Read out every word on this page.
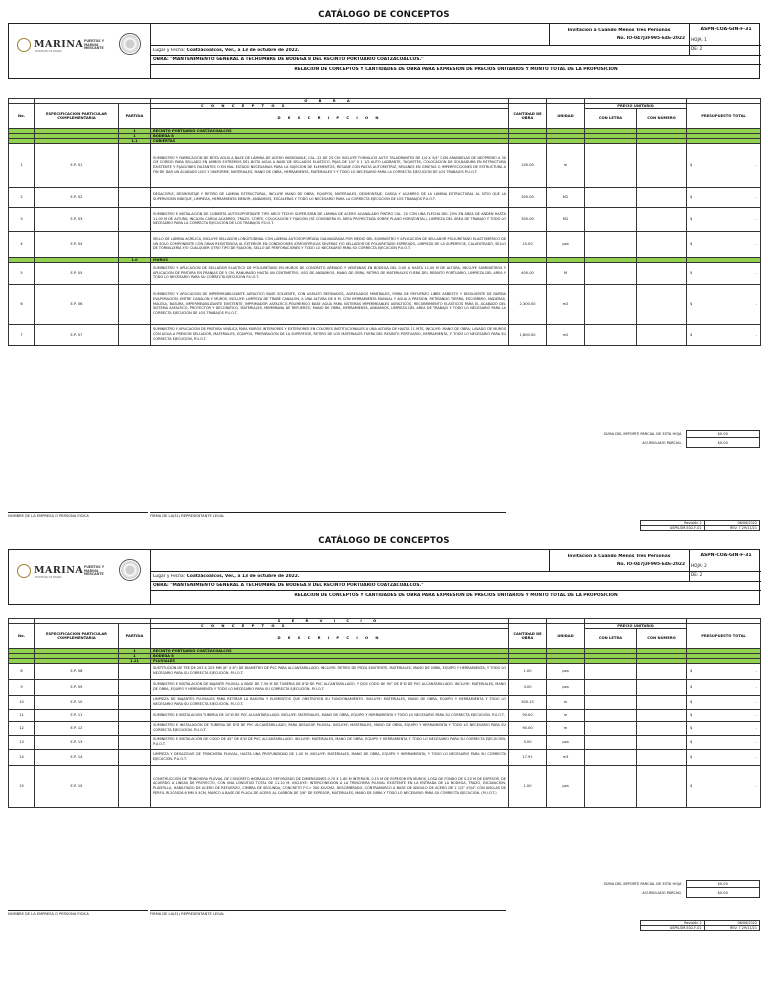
CATÁLOGO DE CONCEPTOS
MARINA
SECRETARÍA DE MARINA
PUERTOS Y MARINA MERCANTE
Invitación a Cuando Menos Tres Personas
No. IO-047J3F995-E46-2022
ASPN-COA-GIN-F-31
HOJA: 1
DE: 2
Lugar y Fecha: Coatzacoalcos, Ver., a 13 de octubre de 2022.
OBRA: "MANTENIMIENTO GENERAL A TECHUMBRE DE BODEGA 8 DEL RECINTO PORTUARIO COATZACOALCOS."
RELACION DE CONCEPTOS Y CANTIDADES DE OBRA PARA EXPRESION DE PRECIOS UNITARIOS Y MONTO TOTAL DE LA PROPOSICION

			O B R A					
No.	ESPECIFICACION PARTICULAR COMPLEMENTARIA	PARTIDA	C O N C E P T O S	CANTIDAD DE OBRA	UNIDAD	PRECIO UNITARIO		PRESUPUESTO TOTAL
			D E S C R I P C I O N			CON LETRA	CON NÚMERO	

		1	RECINTO PORTUARIO COATZACOALCOS					
		1	BODEGA 8					
		1.1	CUBIERTAS					
1	E.P. 01		SUMINISTRO Y FABRICACIÓN DE BOTA AGUA A BASE DE LÁMINA DE ACERO INOXIDABLE, CAL. 22 DE 25 CM. INCLUYE TORNILLOS AUTO TALADRANTES DE 1/4 X 3/4" CON ARANDELAS DE NEOPRENO A 30 CM CORIDO PARA SELLADO EN AMBOS EXTREMOS DEL BOTA AGUA A BASE DE SELLADOS ELÁSTICO, PIJAS DE 1/4" X 1 1/2 AUTO LADRANTE, TAQUETES, COLOCACIÓN DE SOLDADURA EN ESTRUCTURA EXISTENTE Y FIJACIONES FALTANTES O EN MAL ESTADO NECESARIAS PARA LA SUJECIÓN DE ELEMENTOS, RESANE CON PASTA AUTOMOTRIZ, RESANES EN GRIETAS O IMPERFECCIONES DE ESTRUCTURA A FIN DE DAR UN ACABADO LISO Y UNIFORME, MATERIALES, MANO DE OBRA, HERRAMIENTA, MATERIALES Y Y TODO LO NECESARIO PARA LA CORRECTA EJECUCION DE LOS TRABAJOS P.U.O.T.	140.00	m			$ -

2	E.P. 02		DESACOPLE, DESMONTAJE Y RETIRO DE LÁMINA ESTRUCTURAL, INCLUYE MANO DE OBRA, EQUIPOS, MATERIALES, DESMONTAJE, CARGA Y ACARREO DE LA LÁMINA ESTRUCTURAL AL SITIO QUE LA SUPERVISION INDIQUE, LIMPIEZA, HERRAMIENTA MENOR, ANDAMIOS, ESCALERAS Y TODO LO NECESARIO PARA LA CORRECTA EJECUCION DE LOS TRABAJOS P.U.O.T.	300.00	M2			$ -

3	E.P. 03		SUMINISTRO E INSTALACIÓN DE CUBIERTA AUTOSOPORTANTE TIPO ARCO TECHO SUPER-SPAN DE LÁMINA DE ACERO ACANALADO PINTRO CAL. 20 CON UNA FLECHA DEL 20% EN ÁREA DE ANDEN HASTA 11.00 M DE ALTURA; INCLUYA CARGA ACARREO, TRAZO, CORTE, COLOCACIÓN Y FIJACIÓN (SE CONSIDERA EL ÁREA PROYECTADA SOBRE PLANO HORIZONTAL), LIMPIEZA DEL ÁREA DE TRABAJO Y TODO LO NECESARIO PARA LA CORRECTA EJECUCIÓN DE LOS TRABAJOS P.U.O.T.	300.00	M2			$ -

4	E.P. 04		SELLO DE LÁMINA ACRÍLICA, INCLUYE SELLADOR LONGITUDINAL CON LÁMINA AUTOSOPORTADA GALVANIZADA POR MEDIO DEL SUMINISTRO Y APLICACIÓN DE SELLADOR POLIURETANO ELASTOMÉRICO DE UN SOLO COMPONENTE CON GRAN RESISTENCIA AL EXTERIOR EN CONDICIONES ATMOSFÉRICAS SEVERAS Y/O SELLADOR DE POLIURETANO ESPREADO, LIMPIEZA DE LA SUPERFICIE, CALAFATEADO, SELLO DE TORNILLERÍA Y/O CUALQUIER OTRO TIPO DE FIJACIÓN, SELLO DE PERFORACIONES Y TODO LO NECESARIO PARA SU CORRECTA EJECUCIÓN P.U.O.T.	15.00	pza			$ -

		1.0	MUROS					
5	E.P. 05		SUMINISTRO Y APLICACION DE SELLADOR ELASTICO DE POLIURETANO EN MUROS DE CONCRETO ARMADO Y VENTANAS EN BODEGA DEL 0.00 A HASTA 11.00 M DE ALTURA, INCLUYE SUMINISTROS Y APLICACION DE PINTURA EN FRANJAS DE 5 CM, RANURADO HASTA UN CENTIMETRO, USO DE ANDAMIOS, MANO DE OBRA, RETIRO DE MATERIALES FUERA DEL RESINTO PORTUARIO, LIMPIEZA DEL AREA Y TODO LO NECESARIO PARA SU CORRECTA EJECUCION P.U.O.T.	400.00	M			$ -

6	E.P. 06		SUMINISTRO Y APLICACION DE IMPERMEABILIZANTE ASFALTICO BASE SOLVENTE, CON ASFALTO REFINADOS, AGREGADOS MINERALES, FIBRA DE REFUERZO LIBRE ASBESTO Y DISOLVENTE DE RAPIDA EVAPORACION, ENTRE CANALON Y MUROS. INCLUYE: LIMPIEZA DE TRABE CANALON, A UNA ALTURA DE 6 M. CON HERRAMIENTA MANUAL Y AGUA A PRESION, RETIRANDO TIERRA, ESCOMBRO, MADERAS, MALESA, BASURA, IMPERMEABILIZANTE EXISTENTE, IMPRIMADOR ASFALTICO-POLIMERICO BASE AGUA PARA SISTEMAS IMPERMEABLES ASFALTICOS, RECUBRIMIENTO ELASTICOS PARA EL ACABADO DEL SISTEMA ASFALTICO, PROTECTOR Y DECORATICO, MATERIALES, MEMBRANA DE REFUERZO, MANO DE OBRA, HERRAMIENTA, ANDAMIOS, LIMPIEZA DEL AREA DE TRABAJO Y TODO LO NECESARIO PARA LA CORRECTA EJECUCION DE LOS TRABAJOS P.U.O.T.	2,300.00	m2			$ -

7	E.P. 07		SUMINISTRO Y APLICACIÓN DE PINTURA VINÍLICA PARA MUROS INTERIORES Y EXTERIORES EN COLORES INSTITUCIONALES A UNA ALTURA DE HASTA 11 MTS, INCLUYE: MANO DE OBRA, LAVADO DE MUROS CON AGUA A PRESIÓN SELLADOR, MATERIALES, EQUIPOS, PREPARACION DE LA SUPERFICIE, RETIRO DE LOS MATERIALES FUERA DEL RESINTO PORTUARIO, HERRAMIENTA, Y TODO LO NECESARIO PARA SU CORRECTA EJECUCION, P.U.O.T.	1,800.00	m2			$ -
SUMA DEL IMPORTE PARCIAL DE ESTA HOJA	$0.00
ACUMULADO PARCIAL	$0.00
NOMBRE DE LA EMPRESA O PERSONA FISICA	FIRMA DE LA(EL) REPRESENTANTE LEGAL
Revisión 2	06/06/2022
ASPN-SM-502-F-01	REV. 7 29/11/21
CATÁLOGO DE CONCEPTOS
MARINA
SECRETARÍA DE MARINA
PUERTOS Y MARINA MERCANTE
Invitación a Cuando Menos Tres Personas
No. IO-047J3F995-E46-2022
ASPN-COA-GIN-F-31
HOJA: 2
DE: 2
Lugar y Fecha: Coatzacoalcos, Ver., a 13 de octubre de 2022.
OBRA: "MANTENIMIENTO GENERAL A TECHUMBRE DE BODEGA 8 DEL RECINTO PORTUARIO COATZACOALCOS."
RELACION DE CONCEPTOS Y CANTIDADES DE OBRA PARA EXPRESION DE PRECIOS UNITARIOS Y MONTO TOTAL DE LA PROPOSICION

			S E R V I C I O					
No.	ESPECIFICACION PARTICULAR COMPLEMENTARIA	PARTIDA	C O N C E P T O S	CANTIDAD DE OBRA	UNIDAD	PRECIO UNITARIO		PRESUPUESTO TOTAL
			D E S C R I P C I O N			CON LETRA	CON NÚMERO	

		1	RECINTO PORTUARIO COATZACOALCOS					
		1	BODEGA 8					
		1.11	PLUVIALES					
8	E.P. 08		SUSTITUCIÓN DE TEE DE 203 X 203 MM (8" X 8") DE DIAMETRO DE PVC PARA ALCANTARILLADO. INCLUYE: RETIRO DE PIEZA EXISTENTE, MATERIALES, MANO DE OBRA, EQUIPO Y HERRAMIENTA, Y TODO LO NECESARIO PARA SU CORRECTA EJECUCIÓN. P.U.O.T.	1.00	pza			$ -

9	E.P. 09		SUMINISTRO E INSTALACIÓN DE BAJANTE PLUVIAL A BASE DE 7.50 M DE TUBERIA DE 8"Ø DE PVC ALCANTARILLADO, Y DOS CODO DE 90° DE 8"Ø DE PVC ALCANTARILLADO. INCLUYE: MATERIALES, MANO DE OBRA, EQUIPO Y HERRAMIENTA Y TODO LO NECESARIO PARA SU CORRECTA EJECUCIÓN. P.U.O.T.	3.00	pza			$ -

10	E.P. 10		LIMPIEZA DE BAJANTES PLUVIALES PARA RETIRAR LA BASURA Y ELEMENTOS QUE OBSTRUYEN SU FUNCIONAMIENTO. INCLUYE: MATERIALES, MANO DE OBRA, EQUIPO Y HERRAMIENTA Y TODO LO NECESARIO PARA SU CORRECTA EJECUCIÓN. P.U.O.T.	300.15	m			$ -

11	E.P. 11		SUMINISTRO E INSTALACIÓN TUBERIA DE 10"Ø DE PVC ALCANTARILLADO. INCLUYE: MATERIALES, MANO DE OBRA, EQUIPO Y HERRAMIENTA Y TODO LO NECESARIO PARA SU CORRECTA EJECUCIÓN. P.U.O.T.	90.00	m			$ -

12	E.P. 12		SUMINISTRO E INSTALACIÓN DE TUBERIA DE 8"Ø DE PVC ALCANTARILLADO, PARA DESAGÜE PLUVIAL. INCLUYE: MATERIALES, MANO DE OBRA, EQUIPO Y HERRAMIENTA Y TODO LO NECESARIO PARA SU CORRECTA EJECUCIÓN. P.U.O.T.	90.00	m			$ -

13	E.P. 13		SUMINISTRO E INSTALACIÓN DE CODO DE 45° DE 8"Ø DE PVC ALCANTARILLADO. INCLUYE: MATERIALES, MANO DE OBRA, EQUIPO Y HERRAMIENTA Y TODO LO NECESARIO PARA SU CORRECTA EJECUCIÓN. P.U.O.T.	3.00	pza			$ -

14	E.P. 14		LIMPIEZA Y DESAZOLVE DE TRINCHERA PLUVIAL, HASTA UNA PROFUNDIDAD DE 1.00 M. INCLUYE: MATERIALES, MANO DE OBRA, EQUIPO Y HERRAMIENTA, Y TODO LO NECESARIO PARA SU CORRECTA EJECUCIÓN. P.U.O.T.	17.91	m3			$ -

15	E.P. 15		CONSTRUCCIÓN DE TRINCHERA PLUVIAL DE CONCRETO HIDRÁULICO REFORZADO DE DIMENSIONES 0.70 X 1.80 M INTERIOR, 0.15 M DE ESPESOR EN MUROS, LOSA DE FONDO DE 0.20 M DE ESPESOR, DE ACUERDO A LINEAS DE PROYECTO, CON UNA LONGITUD TOTAL DE 11.10 M. INCLUYE: INTERCONEXION A LA TRINCHERA PLUVIAL EXISTENTE EN LA ENTRADA DE LA BODEGA, TRAZO, EXCAVACION, PLANTILLA, HABILITADO DE ACERO DE REFUERZO, CIMBRA DE SEGUNDA, CONCRETO F'C= 300 KG/CM2, DESCIMBRADO, CONTRAMARCO A BASE DE ANGULO DE ACERO DE 2 1/2" X3/4" CON ANCLAS DE PERFIL IR-203X26.6 MM X 4CM, MARCO A BASE DE PLACA DE ACERO AL CARBON DE 3/8" DE ESPESOR, MATERIALES, MANO DE OBRA Y TODO LO NECESARIO PARA SU CORRECTA EJECUCIÓN. (P.U.O.T.)	1.00	pza			$ -
SUMA DEL IMPORTE PARCIAL DE ESTA HOJA	$0.00
ACUMULADO PARCIAL	$0.00
NOMBRE DE LA EMPRESA O PERSONA FISICA	FIRMA DE LA(EL) REPRESENTANTE LEGAL
Revisión 2	06/06/2022
ASPN-SM-502-F-01	REV. 7 29/11/21
